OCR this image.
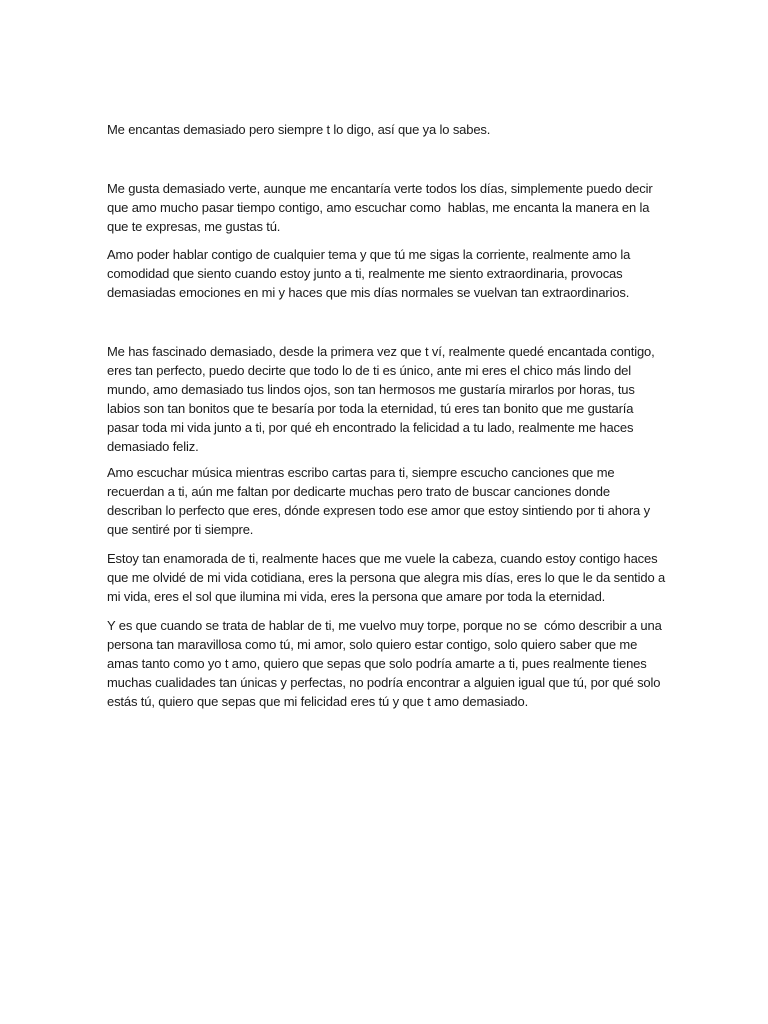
Me encantas demasiado pero siempre t lo digo, así que ya lo sabes.

Me gusta demasiado verte, aunque me encantaría verte todos los días, simplemente puedo decir que amo mucho pasar tiempo contigo, amo escuchar como  hablas, me encanta la manera en la que te expresas, me gustas tú.

Amo poder hablar contigo de cualquier tema y que tú me sigas la corriente, realmente amo la comodidad que siento cuando estoy junto a ti, realmente me siento extraordinaria, provocas demasiadas emociones en mi y haces que mis días normales se vuelvan tan extraordinarios.

Me has fascinado demasiado, desde la primera vez que t ví, realmente quedé encantada contigo, eres tan perfecto, puedo decirte que todo lo de ti es único, ante mi eres el chico más lindo del mundo, amo demasiado tus lindos ojos, son tan hermosos me gustaría mirarlos por horas, tus labios son tan bonitos que te besaría por toda la eternidad, tú eres tan bonito que me gustaría pasar toda mi vida junto a ti, por qué eh encontrado la felicidad a tu lado, realmente me haces demasiado feliz.

Amo escuchar música mientras escribo cartas para ti, siempre escucho canciones que me recuerdan a ti, aún me faltan por dedicarte muchas pero trato de buscar canciones donde describan lo perfecto que eres, dónde expresen todo ese amor que estoy sintiendo por ti ahora y que sentiré por ti siempre.

Estoy tan enamorada de ti, realmente haces que me vuele la cabeza, cuando estoy contigo haces que me olvidé de mi vida cotidiana, eres la persona que alegra mis días, eres lo que le da sentido a mi vida, eres el sol que ilumina mi vida, eres la persona que amare por toda la eternidad.

Y es que cuando se trata de hablar de ti, me vuelvo muy torpe, porque no se  cómo describir a una persona tan maravillosa como tú, mi amor, solo quiero estar contigo, solo quiero saber que me amas tanto como yo t amo, quiero que sepas que solo podría amarte a ti, pues realmente tienes muchas cualidades tan únicas y perfectas, no podría encontrar a alguien igual que tú, por qué solo estás tú, quiero que sepas que mi felicidad eres tú y que t amo demasiado.
